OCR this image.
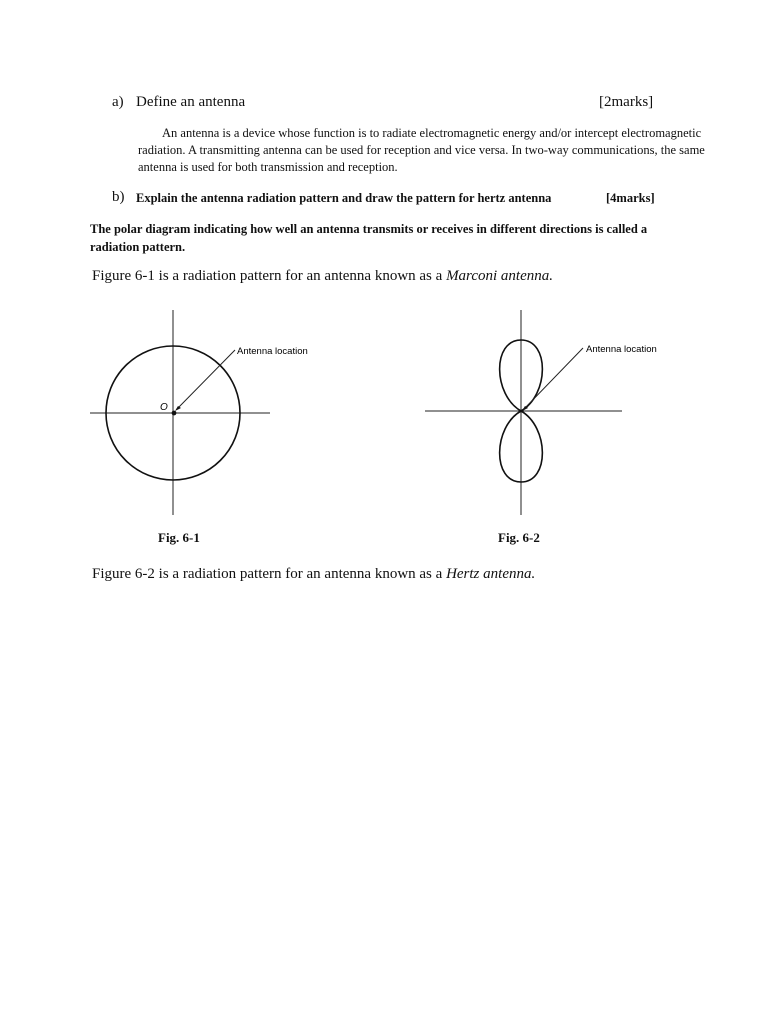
a) Define an antenna	[2marks]
An antenna is a device whose function is to radiate electromagnetic energy and/or intercept electromagnetic radiation. A transmitting antenna can be used for reception and vice versa. In two-way communications, the same antenna is used for both transmission and reception.
b) Explain the antenna radiation pattern and draw the pattern for hertz antenna	[4marks]
The polar diagram indicating how well an antenna transmits or receives in different directions is called a radiation pattern.
Figure 6-1 is a radiation pattern for an antenna known as a Marconi antenna.
Antenna location
O
Fig. 6-1
Antenna location
Fig. 6-2
Figure 6-2 is a radiation pattern for an antenna known as a Hertz antenna.
